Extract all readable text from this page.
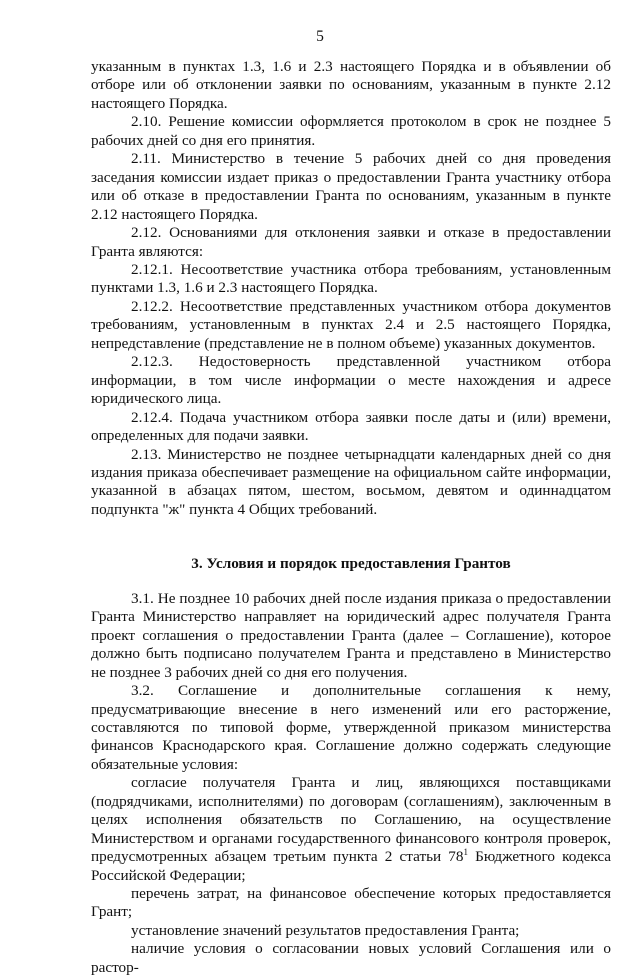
5

указанным в пунктах 1.3, 1.6 и 2.3 настоящего Порядка и в объявлении об отборе или об отклонении заявки по основаниям, указанным в пункте 2.12 настоящего Порядка.

2.10. Решение комиссии оформляется протоколом в срок не позднее 5 рабочих дней со дня его принятия.

2.11. Министерство в течение 5 рабочих дней со дня проведения заседания комиссии издает приказ о предоставлении Гранта участнику отбора или об отказе в предоставлении Гранта по основаниям, указанным в пункте 2.12 настоящего Порядка.

2.12. Основаниями для отклонения заявки и отказе в предоставлении Гранта являются:

2.12.1. Несоответствие участника отбора требованиям, установленным пунктами 1.3, 1.6 и 2.3 настоящего Порядка.

2.12.2. Несоответствие представленных участником отбора документов требованиям, установленным в пунктах 2.4 и 2.5 настоящего Порядка, непредставление (представление не в полном объеме) указанных документов.

2.12.3. Недостоверность представленной участником отбора информации, в том числе информации о месте нахождения и адресе юридического лица.

2.12.4. Подача участником отбора заявки после даты и (или) времени, определенных для подачи заявки.

2.13. Министерство не позднее четырнадцати календарных дней со дня издания приказа обеспечивает размещение на официальном сайте информации, указанной в абзацах пятом, шестом, восьмом, девятом и одиннадцатом подпункта "ж" пункта 4 Общих требований.

3. Условия и порядок предоставления Грантов

3.1. Не позднее 10 рабочих дней после издания приказа о предоставлении Гранта Министерство направляет на юридический адрес получателя Гранта проект соглашения о предоставлении Гранта (далее – Соглашение), которое должно быть подписано получателем Гранта и представлено в Министерство не позднее 3 рабочих дней со дня его получения.

3.2. Соглашение и дополнительные соглашения к нему, предусматривающие внесение в него изменений или его расторжение, составляются по типовой форме, утвержденной приказом министерства финансов Краснодарского края. Соглашение должно содержать следующие обязательные условия:

согласие получателя Гранта и лиц, являющихся поставщиками (подрядчиками, исполнителями) по договорам (соглашениям), заключенным в целях исполнения обязательств по Соглашению, на осуществление Министерством и органами государственного финансового контроля проверок, предусмотренных абзацем третьим пункта 2 статьи $78^1$ Бюджетного кодекса Российской Федерации;

перечень затрат, на финансовое обеспечение которых предоставляется Грант;

установление значений результатов предоставления Гранта;

наличие условия о согласовании новых условий Соглашения или о растор-
